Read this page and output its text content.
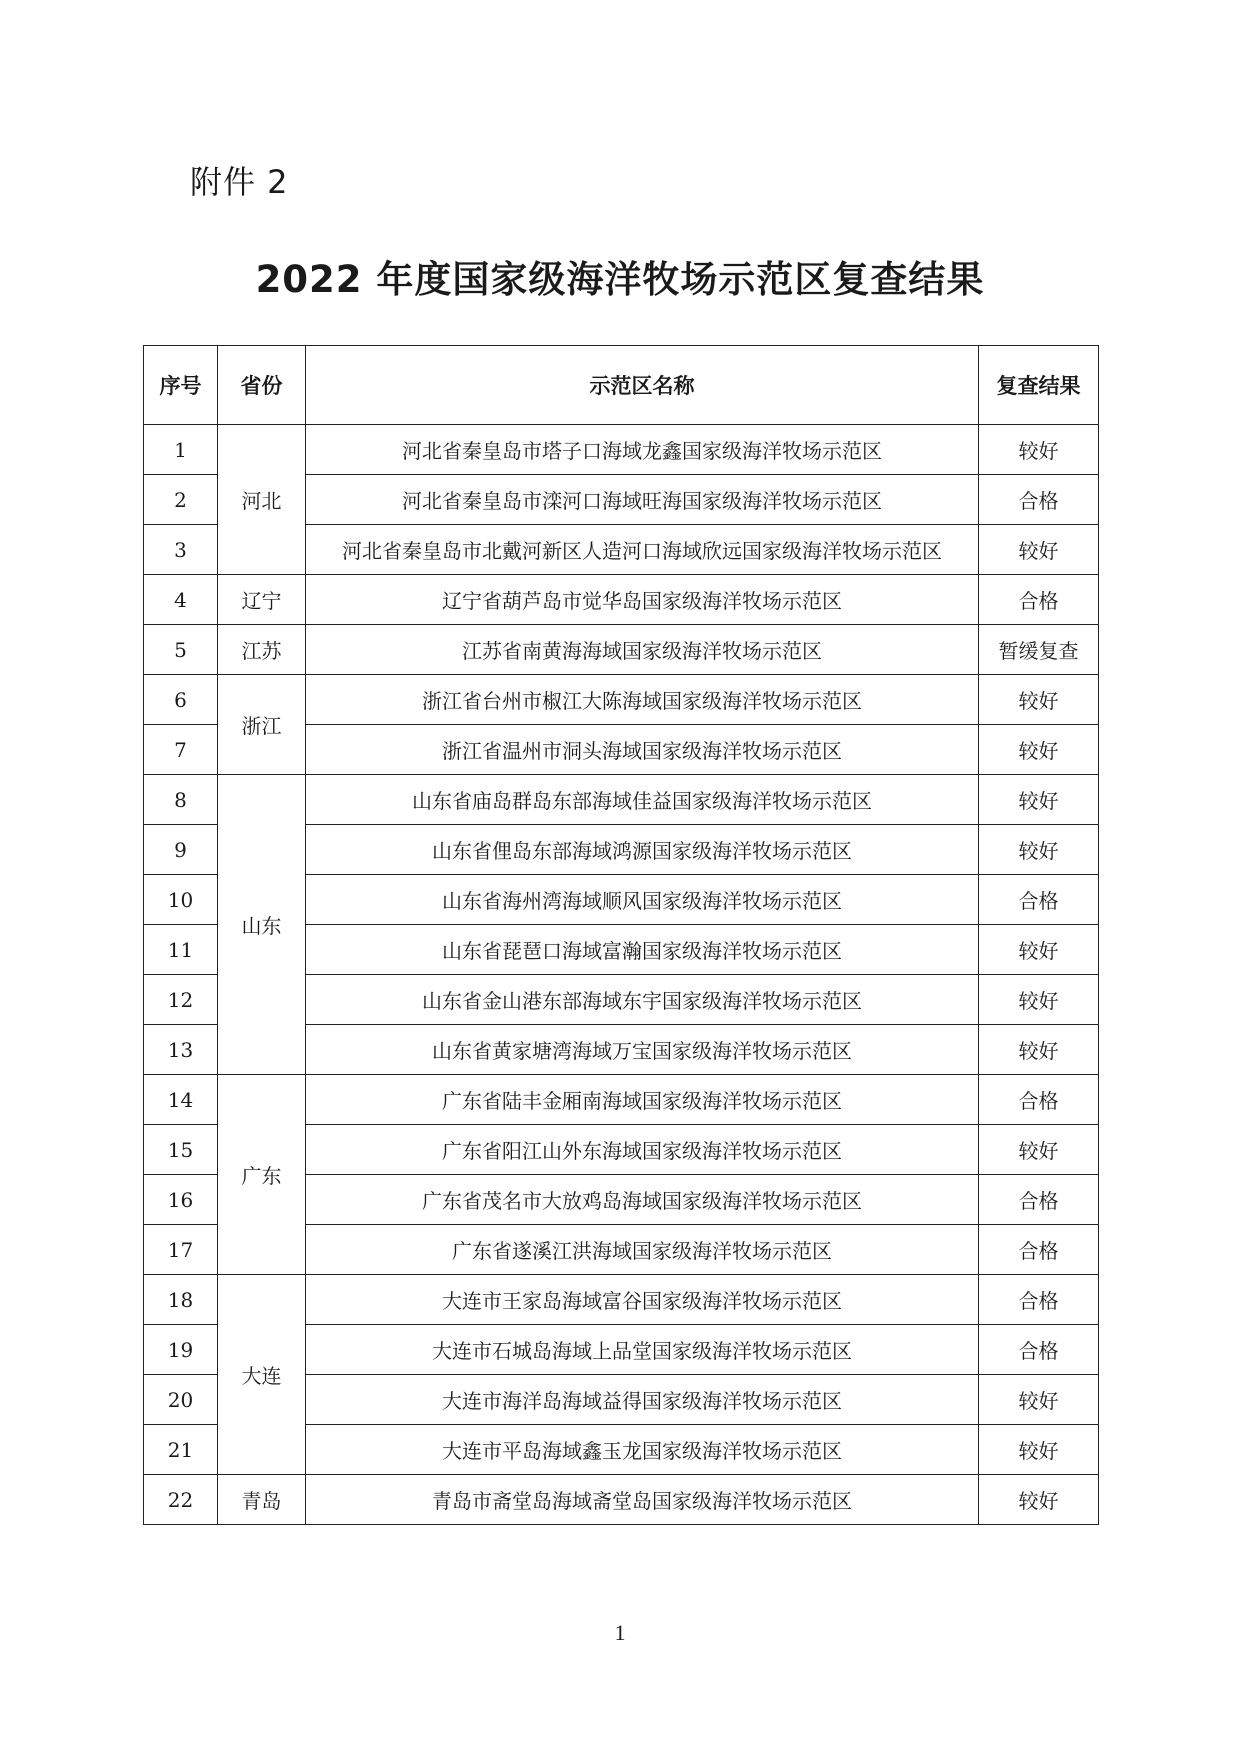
附件 2
2022 年度国家级海洋牧场示范区复查结果
序号	省份	示范区名称	复查结果
1	河北	河北省秦皇岛市塔子口海域龙鑫国家级海洋牧场示范区	较好
2		河北省秦皇岛市滦河口海域旺海国家级海洋牧场示范区	合格
3		河北省秦皇岛市北戴河新区人造河口海域欣远国家级海洋牧场示范区	较好
4	辽宁	辽宁省葫芦岛市觉华岛国家级海洋牧场示范区	合格
5	江苏	江苏省南黄海海域国家级海洋牧场示范区	暂缓复查
6	浙江	浙江省台州市椒江大陈海域国家级海洋牧场示范区	较好
7		浙江省温州市洞头海域国家级海洋牧场示范区	较好
8	山东	山东省庙岛群岛东部海域佳益国家级海洋牧场示范区	较好
9		山东省俚岛东部海域鸿源国家级海洋牧场示范区	较好
10		山东省海州湾海域顺风国家级海洋牧场示范区	合格
11		山东省琵琶口海域富瀚国家级海洋牧场示范区	较好
12		山东省金山港东部海域东宇国家级海洋牧场示范区	较好
13		山东省黄家塘湾海域万宝国家级海洋牧场示范区	较好
14	广东	广东省陆丰金厢南海域国家级海洋牧场示范区	合格
15		广东省阳江山外东海域国家级海洋牧场示范区	较好
16		广东省茂名市大放鸡岛海域国家级海洋牧场示范区	合格
17		广东省遂溪江洪海域国家级海洋牧场示范区	合格
18	大连	大连市王家岛海域富谷国家级海洋牧场示范区	合格
19		大连市石城岛海域上品堂国家级海洋牧场示范区	合格
20		大连市海洋岛海域益得国家级海洋牧场示范区	较好
21		大连市平岛海域鑫玉龙国家级海洋牧场示范区	较好
22	青岛	青岛市斋堂岛海域斋堂岛国家级海洋牧场示范区	较好
1
